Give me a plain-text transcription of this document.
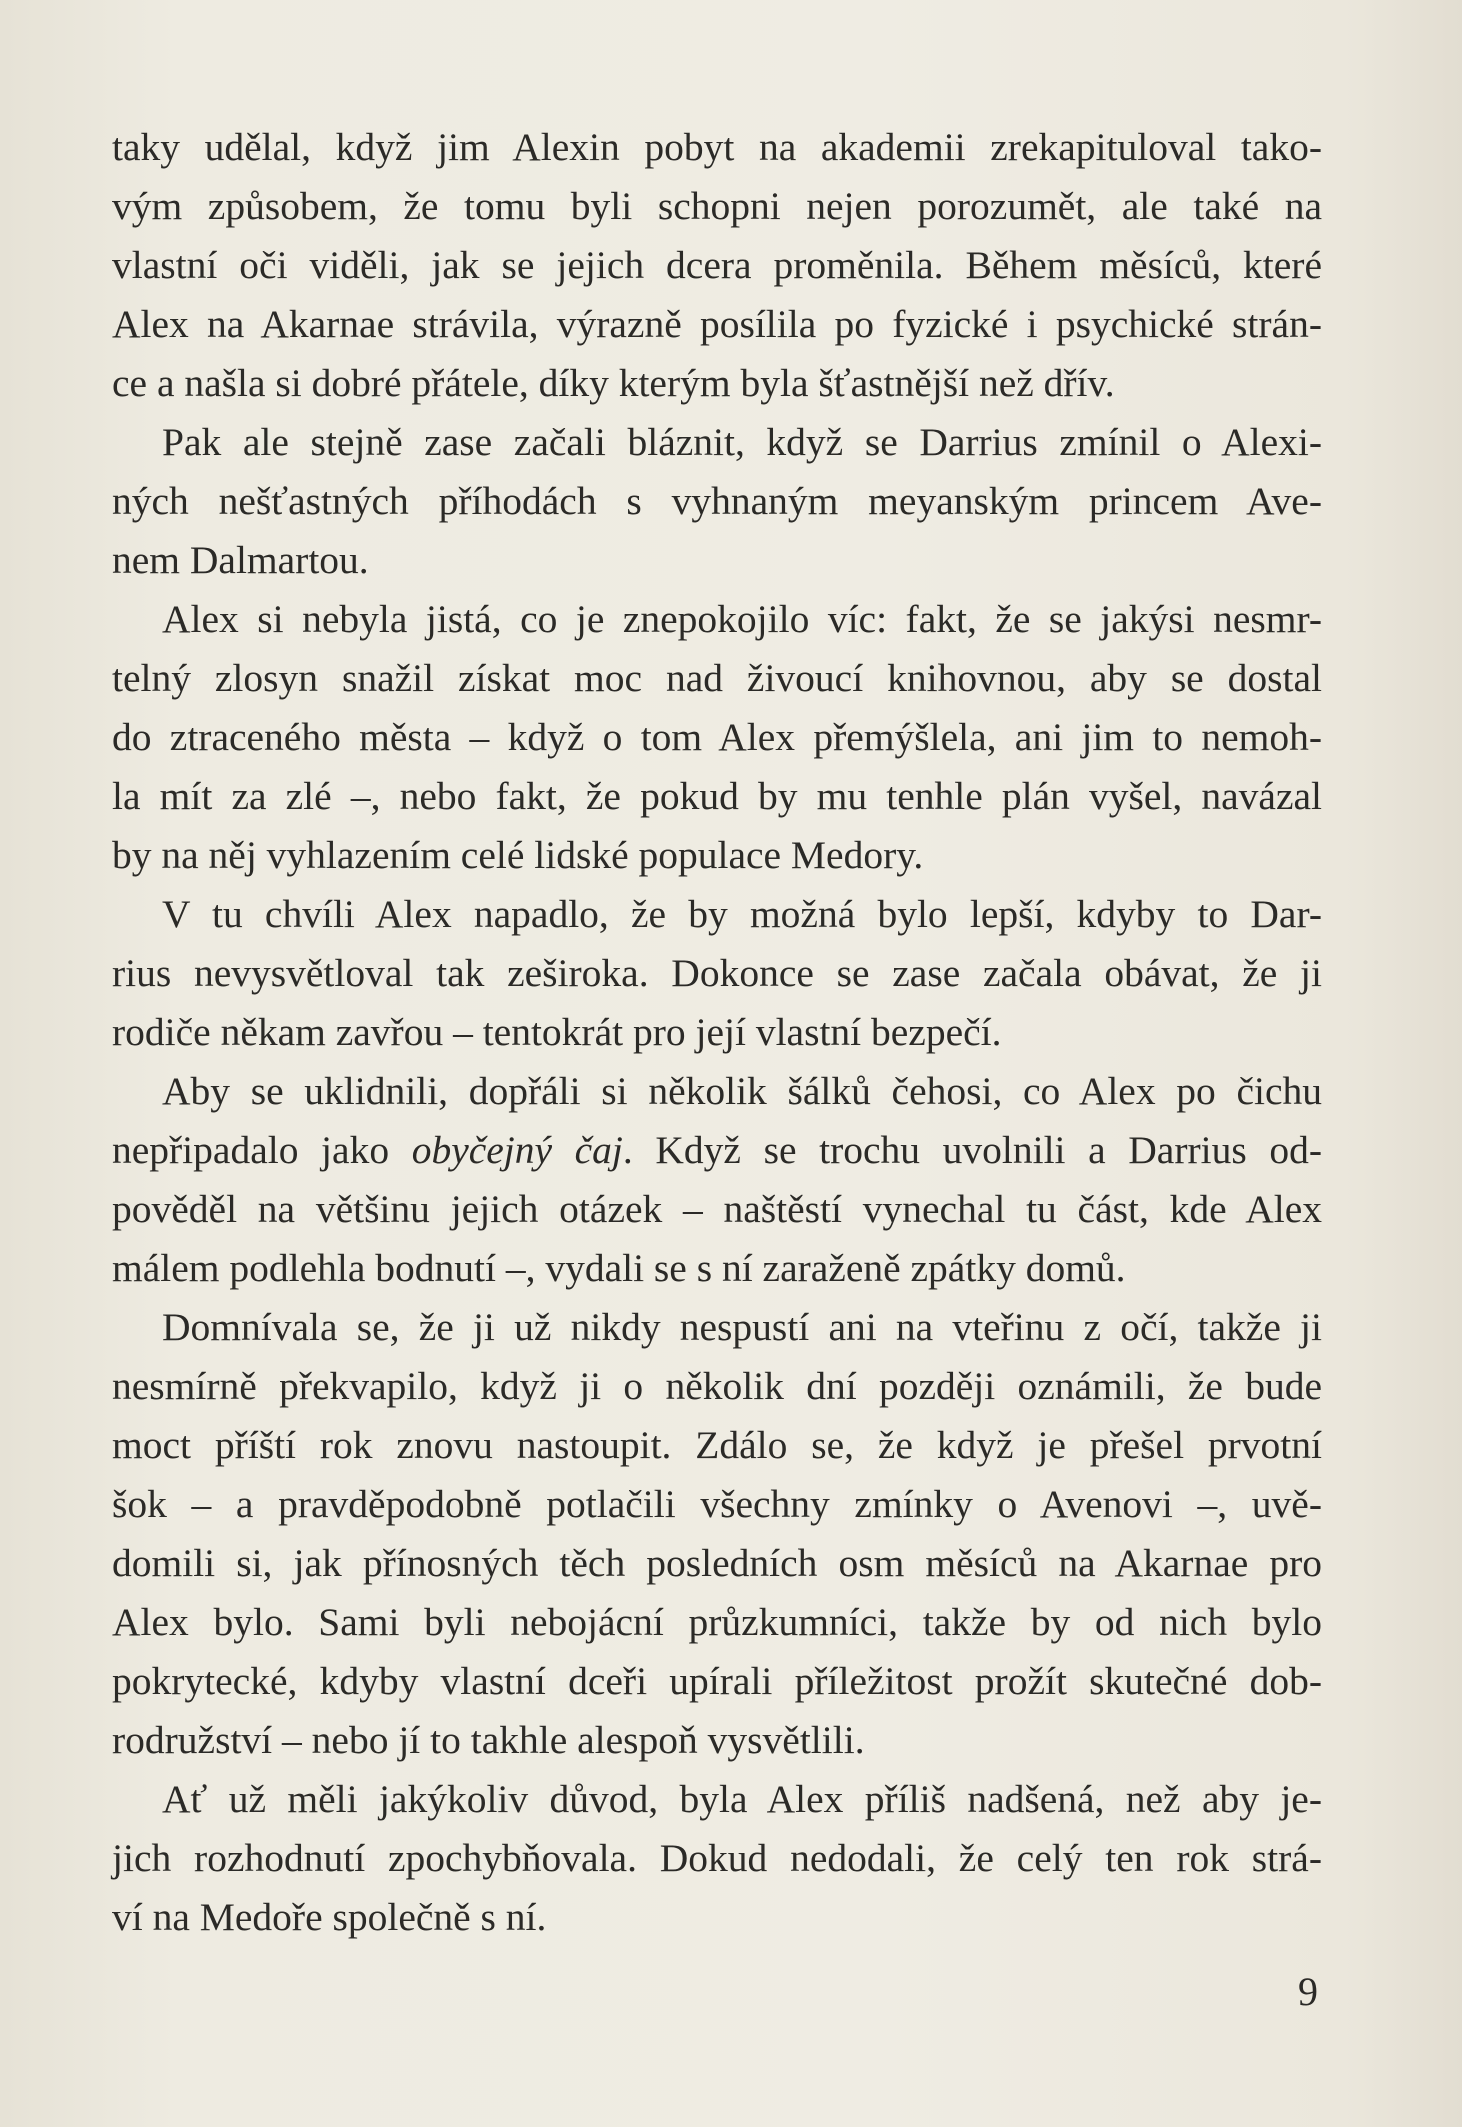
taky udělal, když jim Alexin pobyt na akademii zrekapituloval tako-
vým způsobem, že tomu byli schopni nejen porozumět, ale také na
vlastní oči viděli, jak se jejich dcera proměnila. Během měsíců, které
Alex na Akarnae strávila, výrazně posílila po fyzické i psychické strán-
ce a našla si dobré přátele, díky kterým byla šťastnější než dřív.
Pak ale stejně zase začali bláznit, když se Darrius zmínil o Alexi-
ných nešťastných příhodách s vyhnaným meyanským princem Ave-
nem Dalmartou.
Alex si nebyla jistá, co je znepokojilo víc: fakt, že se jakýsi nesmr-
telný zlosyn snažil získat moc nad živoucí knihovnou, aby se dostal
do ztraceného města – když o tom Alex přemýšlela, ani jim to nemoh-
la mít za zlé –, nebo fakt, že pokud by mu tenhle plán vyšel, navázal
by na něj vyhlazením celé lidské populace Medory.
V tu chvíli Alex napadlo, že by možná bylo lepší, kdyby to Dar-
rius nevysvětloval tak zeširoka. Dokonce se zase začala obávat, že ji
rodiče někam zavřou – tentokrát pro její vlastní bezpečí.
Aby se uklidnili, dopřáli si několik šálků čehosi, co Alex po čichu
nepřipadalo jako obyčejný čaj. Když se trochu uvolnili a Darrius od-
pověděl na většinu jejich otázek – naštěstí vynechal tu část, kde Alex
málem podlehla bodnutí –, vydali se s ní zaraženě zpátky domů.
Domnívala se, že ji už nikdy nespustí ani na vteřinu z očí, takže ji
nesmírně překvapilo, když ji o několik dní později oznámili, že bude
moct příští rok znovu nastoupit. Zdálo se, že když je přešel prvotní
šok – a pravděpodobně potlačili všechny zmínky o Avenovi –, uvě-
domili si, jak přínosných těch posledních osm měsíců na Akarnae pro
Alex bylo. Sami byli nebojácní průzkumníci, takže by od nich bylo
pokrytecké, kdyby vlastní dceři upírali příležitost prožít skutečné dob-
rodružství – nebo jí to takhle alespoň vysvětlili.
Ať už měli jakýkoliv důvod, byla Alex příliš nadšená, než aby je-
jich rozhodnutí zpochybňovala. Dokud nedodali, že celý ten rok strá-
ví na Medoře společně s ní.
9
